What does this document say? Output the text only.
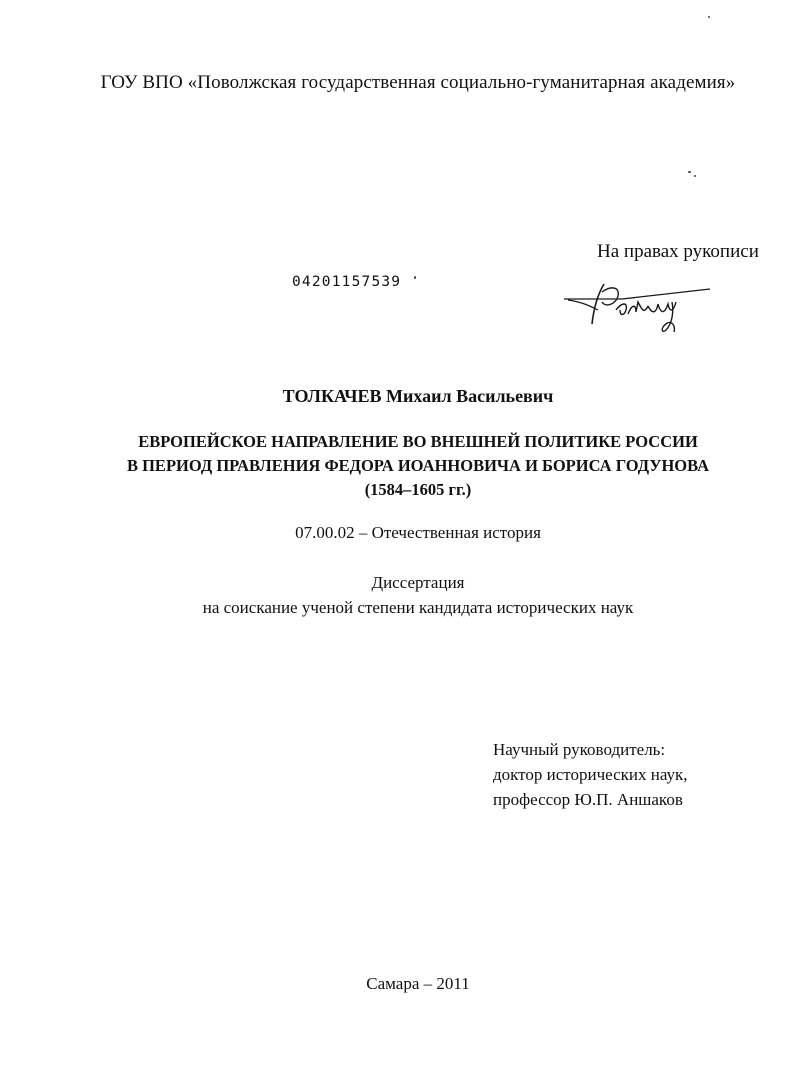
ГОУ ВПО «Поволжская государственная социально-гуманитарная академия»
На правах рукописи
04201157539
ТОЛКАЧЕВ Михаил Васильевич
ЕВРОПЕЙСКОЕ НАПРАВЛЕНИЕ ВО ВНЕШНЕЙ ПОЛИТИКЕ РОССИИ
В ПЕРИОД ПРАВЛЕНИЯ ФЕДОРА ИОАННОВИЧА И БОРИСА ГОДУНОВА
(1584–1605 гг.)
07.00.02 – Отечественная история
Диссертация
на соискание ученой степени кандидата исторических наук
Научный руководитель:
доктор исторических наук,
профессор Ю.П. Аншаков
Самара – 2011
